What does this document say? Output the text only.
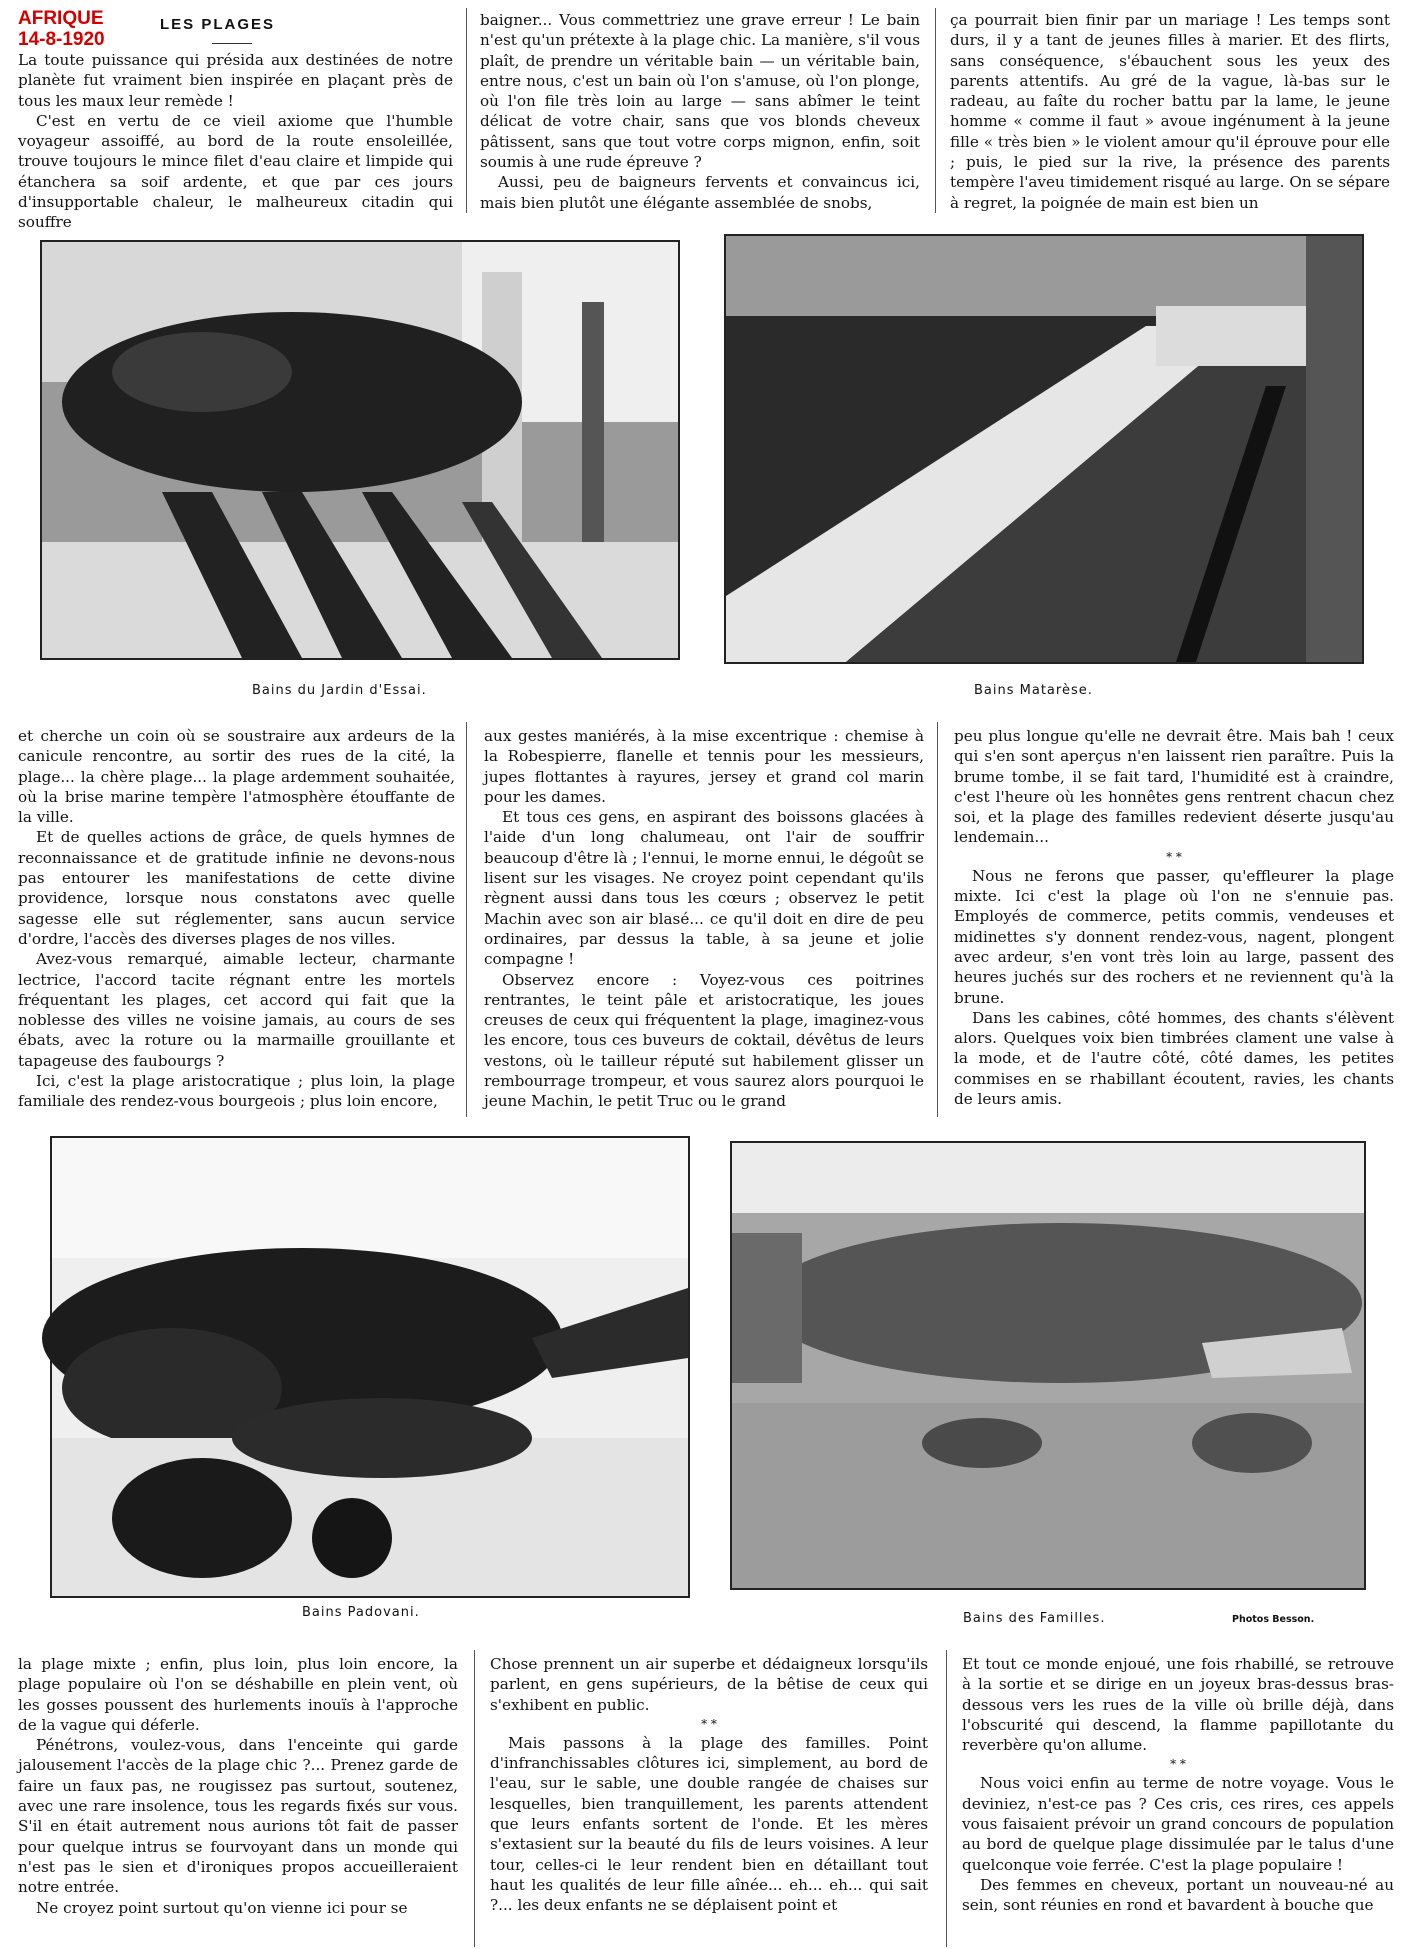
AFRIQUE
14-8-1920
LES PLAGES

La toute puissance qui présida aux destinées de notre planète fut vraiment bien inspirée en plaçant près de tous les maux leur remède !

C'est en vertu de ce vieil axiome que l'humble voyageur assoiffé, au bord de la route ensoleillée, trouve toujours le mince filet d'eau claire et limpide qui étanchera sa soif ardente, et que par ces jours d'insupportable chaleur, le malheureux citadin qui souffre

baigner... Vous commettriez une grave erreur ! Le bain n'est qu'un prétexte à la plage chic. La manière, s'il vous plaît, de prendre un véritable bain — un véritable bain, entre nous, c'est un bain où l'on s'amuse, où l'on plonge, où l'on file très loin au large — sans abîmer le teint délicat de votre chair, sans que vos blonds cheveux pâtissent, sans que tout votre corps mignon, enfin, soit soumis à une rude épreuve ?

Aussi, peu de baigneurs fervents et convaincus ici, mais bien plutôt une élégante assemblée de snobs,

ça pourrait bien finir par un mariage ! Les temps sont durs, il y a tant de jeunes filles à marier. Et des flirts, sans conséquence, s'ébauchent sous les yeux des parents attentifs. Au gré de la vague, là-bas sur le radeau, au faîte du rocher battu par la lame, le jeune homme « comme il faut » avoue ingénument à la jeune fille « très bien » le violent amour qu'il éprouve pour elle ; puis, le pied sur la rive, la présence des parents tempère l'aveu timidement risqué au large. On se sépare à regret, la poignée de main est bien un

Bains du Jardin d'Essai.	Bains Matarèse.

et cherche un coin où se soustraire aux ardeurs de la canicule rencontre, au sortir des rues de la cité, la plage... la chère plage... la plage ardemment souhaitée, où la brise marine tempère l'atmosphère étouffante de la ville.

Et de quelles actions de grâce, de quels hymnes de reconnaissance et de gratitude infinie ne devons-nous pas entourer les manifestations de cette divine providence, lorsque nous constatons avec quelle sagesse elle sut réglementer, sans aucun service d'ordre, l'accès des diverses plages de nos villes.

Avez-vous remarqué, aimable lecteur, charmante lectrice, l'accord tacite régnant entre les mortels fréquentant les plages, cet accord qui fait que la noblesse des villes ne voisine jamais, au cours de ses ébats, avec la roture ou la marmaille grouillante et tapageuse des faubourgs ?

Ici, c'est la plage aristocratique ; plus loin, la plage familiale des rendez-vous bourgeois ; plus loin encore,

aux gestes maniérés, à la mise excentrique : chemise à la Robespierre, flanelle et tennis pour les messieurs, jupes flottantes à rayures, jersey et grand col marin pour les dames.

Et tous ces gens, en aspirant des boissons glacées à l'aide d'un long chalumeau, ont l'air de souffrir beaucoup d'être là ; l'ennui, le morne ennui, le dégoût se lisent sur les visages. Ne croyez point cependant qu'ils règnent aussi dans tous les cœurs ; observez le petit Machin avec son air blasé... ce qu'il doit en dire de peu ordinaires, par dessus la table, à sa jeune et jolie compagne !

Observez encore : Voyez-vous ces poitrines rentrantes, le teint pâle et aristocratique, les joues creuses de ceux qui fréquentent la plage, imaginez-vous les encore, tous ces buveurs de coktail, dévêtus de leurs vestons, où le tailleur réputé sut habilement glisser un rembourrage trompeur, et vous saurez alors pourquoi le jeune Machin, le petit Truc ou le grand

peu plus longue qu'elle ne devrait être. Mais bah ! ceux qui s'en sont aperçus n'en laissent rien paraître. Puis la brume tombe, il se fait tard, l'humidité est à craindre, c'est l'heure où les honnêtes gens rentrent chacun chez soi, et la plage des familles redevient déserte jusqu'au lendemain...

* *

Nous ne ferons que passer, qu'effleurer la plage mixte. Ici c'est la plage où l'on ne s'ennuie pas. Employés de commerce, petits commis, vendeuses et midinettes s'y donnent rendez-vous, nagent, plongent avec ardeur, s'en vont très loin au large, passent des heures juchés sur des rochers et ne reviennent qu'à la brune.

Dans les cabines, côté hommes, des chants s'élèvent alors. Quelques voix bien timbrées clament une valse à la mode, et de l'autre côté, côté dames, les petites commises en se rhabillant écoutent, ravies, les chants de leurs amis.

Bains Padovani.	Bains des Familles.	Photos Besson.

la plage mixte ; enfin, plus loin, plus loin encore, la plage populaire où l'on se déshabille en plein vent, où les gosses poussent des hurlements inouïs à l'approche de la vague qui déferle.

Pénétrons, voulez-vous, dans l'enceinte qui garde jalousement l'accès de la plage chic ?... Prenez garde de faire un faux pas, ne rougissez pas surtout, soutenez, avec une rare insolence, tous les regards fixés sur vous. S'il en était autrement nous aurions tôt fait de passer pour quelque intrus se fourvoyant dans un monde qui n'est pas le sien et d'ironiques propos accueilleraient notre entrée.

Ne croyez point surtout qu'on vienne ici pour se

Chose prennent un air superbe et dédaigneux lorsqu'ils parlent, en gens supérieurs, de la bêtise de ceux qui s'exhibent en public.

* *

Mais passons à la plage des familles. Point d'infranchissables clôtures ici, simplement, au bord de l'eau, sur le sable, une double rangée de chaises sur lesquelles, bien tranquillement, les parents attendent que leurs enfants sortent de l'onde. Et les mères s'extasient sur la beauté du fils de leurs voisines. A leur tour, celles-ci le leur rendent bien en détaillant tout haut les qualités de leur fille aînée... eh... eh... qui sait ?... les deux enfants ne se déplaisent point et

Et tout ce monde enjoué, une fois rhabillé, se retrouve à la sortie et se dirige en un joyeux bras-dessus bras-dessous vers les rues de la ville où brille déjà, dans l'obscurité qui descend, la flamme papillotante du reverbère qu'on allume.

* *

Nous voici enfin au terme de notre voyage. Vous le deviniez, n'est-ce pas ? Ces cris, ces rires, ces appels vous faisaient prévoir un grand concours de population au bord de quelque plage dissimulée par le talus d'une quelconque voie ferrée. C'est la plage populaire !

Des femmes en cheveux, portant un nouveau-né au sein, sont réunies en rond et bavardent à bouche que
